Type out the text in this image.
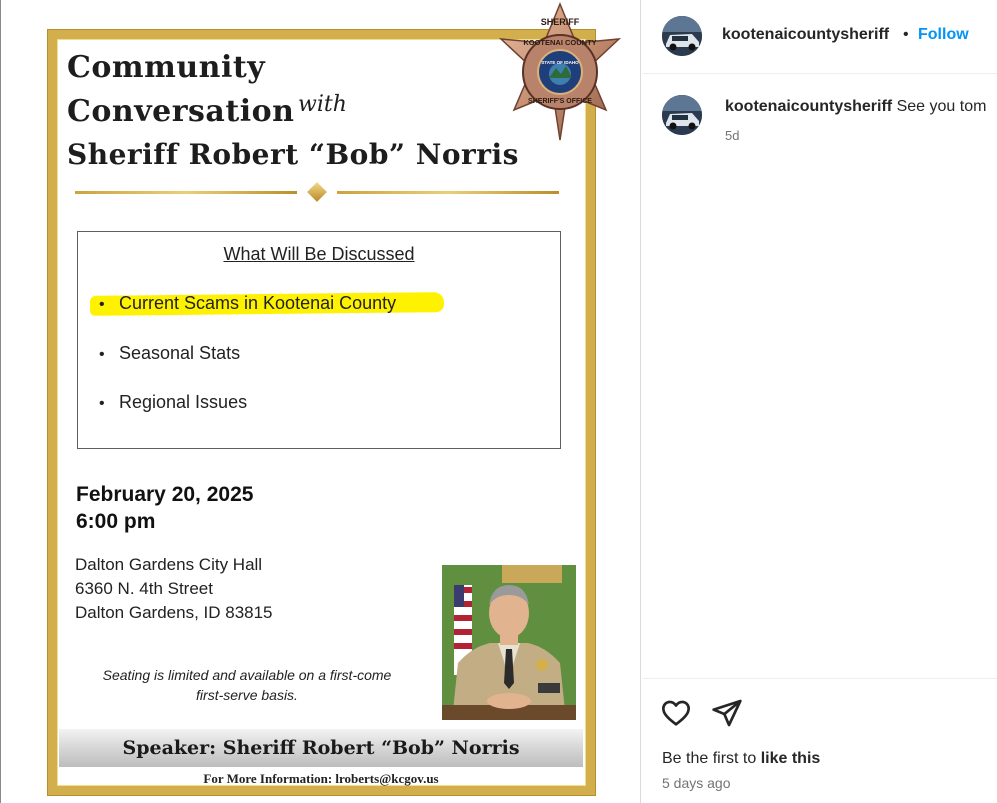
Community
Conversation with
Sheriff Robert “Bob” Norris
SHERIFF
KOOTENAI COUNTY
STATE OF IDAHO
SHERIFF'S OFFICE
What Will Be Discussed
• Current Scams in Kootenai County
• Seasonal Stats
• Regional Issues
February 20, 2025
6:00 pm
Dalton Gardens City Hall
6360 N. 4th Street
Dalton Gardens, ID 83815
Seating is limited and available on a first-come
first-serve basis.
Speaker: Sheriff Robert “Bob” Norris
For More Information: lroberts@kcgov.us
kootenaicountysheriff • Follow
kootenaicountysheriff See you tom
5d
Be the first to like this
5 days ago
